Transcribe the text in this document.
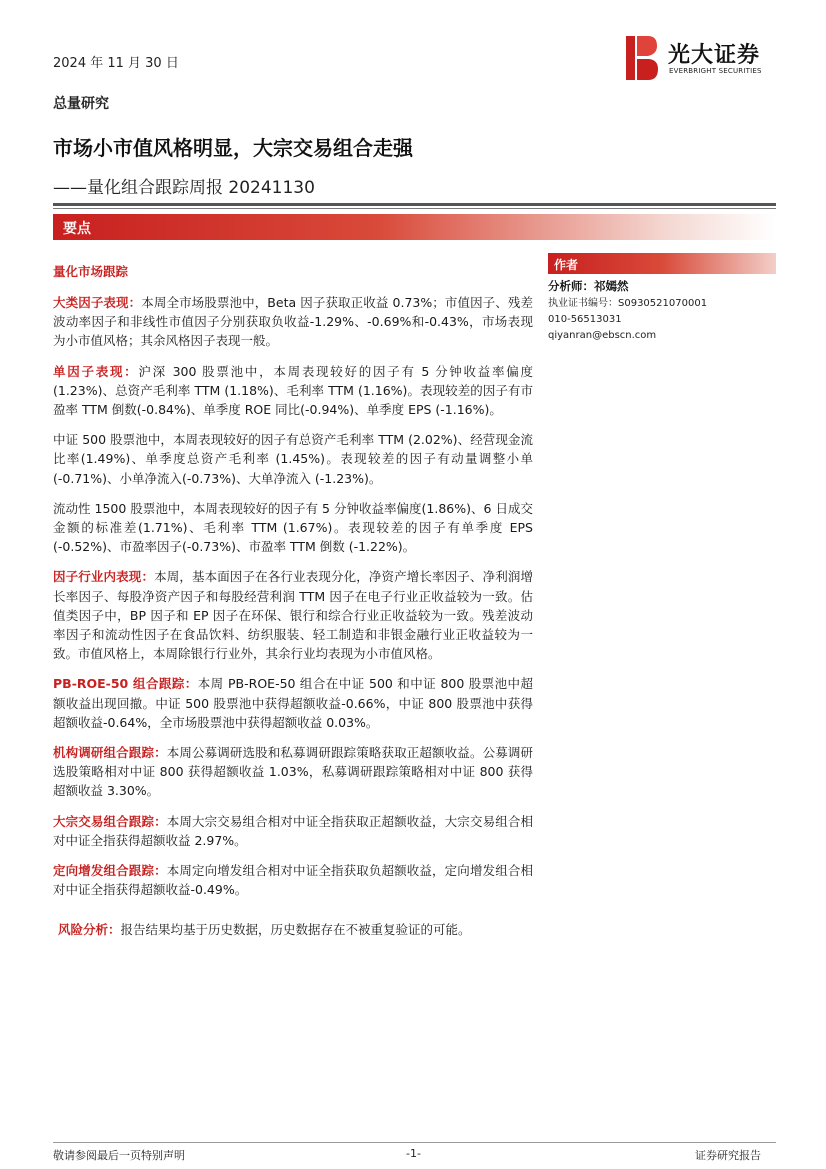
2024 年 11 月 30 日	光大证券
EVERBRIGHT SECURITIES
总量研究
市场小市值风格明显，大宗交易组合走强
——量化组合跟踪周报 20241130
要点
量化市场跟踪

大类因子表现：本周全市场股票池中，Beta 因子获取正收益 0.73%；市值因子、残差波动率因子和非线性市值因子分别获取负收益-1.29%、-0.69%和-0.43%，市场表现为小市值风格；其余风格因子表现一般。

单因子表现：沪深 300 股票池中，本周表现较好的因子有 5 分钟收益率偏度 (1.23%)、总资产毛利率 TTM (1.18%)、毛利率 TTM (1.16%)。表现较差的因子有市盈率 TTM 倒数(-0.84%)、单季度 ROE 同比(-0.94%)、单季度 EPS (-1.16%)。

中证 500 股票池中，本周表现较好的因子有总资产毛利率 TTM (2.02%)、经营现金流比率(1.49%)、单季度总资产毛利率 (1.45%)。表现较差的因子有动量调整小单 (-0.71%)、小单净流入(-0.73%)、大单净流入 (-1.23%)。

流动性 1500 股票池中，本周表现较好的因子有 5 分钟收益率偏度(1.86%)、6 日成交金额的标准差(1.71%)、毛利率 TTM (1.67%)。表现较差的因子有单季度 EPS (-0.52%)、市盈率因子(-0.73%)、市盈率 TTM 倒数 (-1.22%)。

因子行业内表现：本周，基本面因子在各行业表现分化，净资产增长率因子、净利润增长率因子、每股净资产因子和每股经营利润 TTM 因子在电子行业正收益较为一致。估值类因子中，BP 因子和 EP 因子在环保、银行和综合行业正收益较为一致。残差波动率因子和流动性因子在食品饮料、纺织服装、轻工制造和非银金融行业正收益较为一致。市值风格上，本周除银行行业外，其余行业均表现为小市值风格。

PB-ROE-50 组合跟踪：本周 PB-ROE-50 组合在中证 500 和中证 800 股票池中超额收益出现回撤。中证 500 股票池中获得超额收益-0.66%，中证 800 股票池中获得超额收益-0.64%，全市场股票池中获得超额收益 0.03%。

机构调研组合跟踪：本周公募调研选股和私募调研跟踪策略获取正超额收益。公募调研选股策略相对中证 800 获得超额收益 1.03%，私募调研跟踪策略相对中证 800 获得超额收益 3.30%。

大宗交易组合跟踪：本周大宗交易组合相对中证全指获取正超额收益，大宗交易组合相对中证全指获得超额收益 2.97%。

定向增发组合跟踪：本周定向增发组合相对中证全指获取负超额收益，定向增发组合相对中证全指获得超额收益-0.49%。

风险分析：报告结果均基于历史数据，历史数据存在不被重复验证的可能。
作者
分析师：祁嫣然
执业证书编号：S0930521070001
010-56513031
qiyanran@ebscn.com
敬请参阅最后一页特别声明	-1-	证券研究报告
